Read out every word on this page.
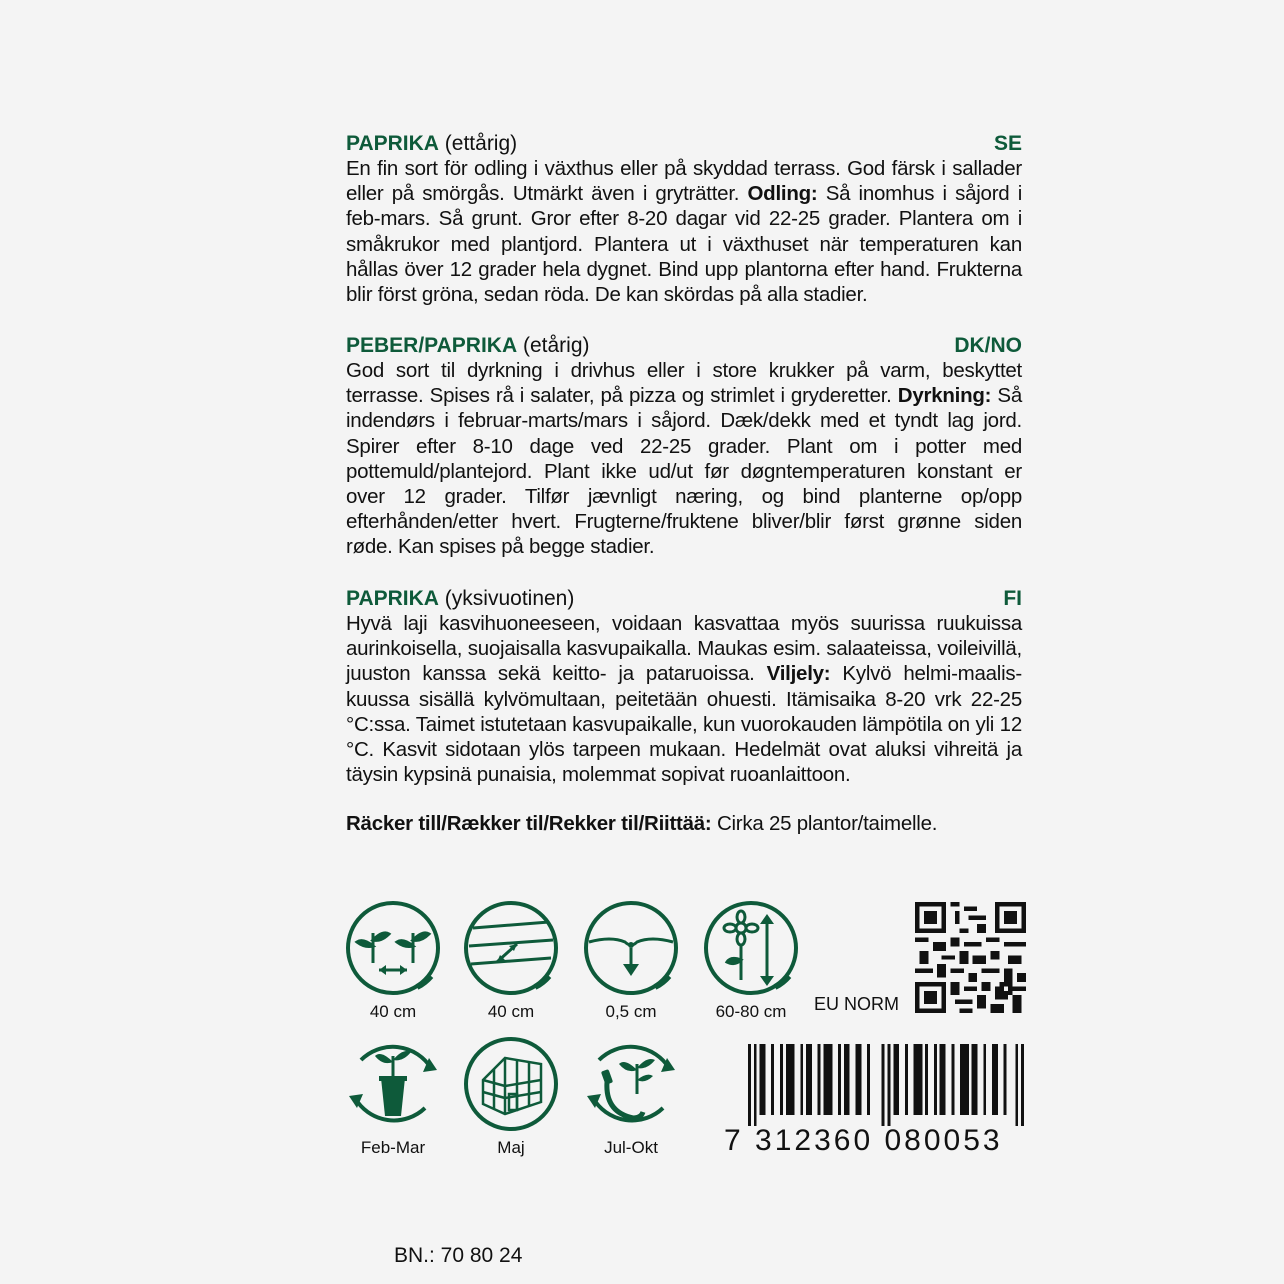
PAPRIKA (ettårig)	SE

En fin sort för odling i växthus eller på skyddad terrass. God färsk i sallader eller på smörgås. Utmärkt även i gryträtter. Odling: Så inomhus i såjord i feb-mars. Så grunt. Gror efter 8-20 dagar vid 22-25 grader. Plantera om i småkrukor med plantjord. Plantera ut i växthuset när temperaturen kan hållas över 12 grader hela dygnet. Bind upp plantorna efter hand. Frukterna blir först gröna, sedan röda. De kan skördas på alla stadier.

PEBER/PAPRIKA (etårig)	DK/NO

God sort til dyrkning i drivhus eller i store krukker på varm, beskyttet terrasse. Spises rå i salater, på pizza og strimlet i gryderetter. Dyrkning: Så indendørs i februar-marts/mars i såjord. Dæk/dekk med et tyndt lag jord. Spirer efter 8-10 dage ved 22-25 grader. Plant om i potter med pottemuld/plantejord. Plant ikke ud/ut før døgntemperaturen konstant er over 12 grader. Tilfør jævnligt næring, og bind planterne op/opp efterhånden/etter hvert. Frugterne/fruktene bliver/blir først grønne siden røde. Kan spises på begge stadier.

PAPRIKA (yksivuotinen)	FI

Hyvä laji kasvihuoneeseen, voidaan kasvattaa myös suurissa ruukuissa aurinkoisella, suojaisalla kasvupaikalla. Maukas esim. salaateissa, voileivillä, juuston kanssa sekä keitto- ja pataruoissa. Viljely: Kylvö helmi-maalis-kuussa sisällä kylvömultaan, peitetään ohuesti. Itämisaika 8-20 vrk 22-25 °C:ssa. Taimet istutetaan kasvupaikalle, kun vuorokauden lämpötila on yli 12 °C. Kasvit sidotaan ylös tarpeen mukaan. Hedelmät ovat aluksi vihreitä ja täysin kypsinä punaisia, molemmat sopivat ruoanlaittoon.

Räcker till/Rækker til/Rekker til/Riittää: Cirka 25 plantor/taimelle.
40 cm	40 cm	0,5 cm	60-80 cm	EU NORM
Feb-Mar	Maj	Jul-Okt	7 312360 080053
BN.: 70 80 24
